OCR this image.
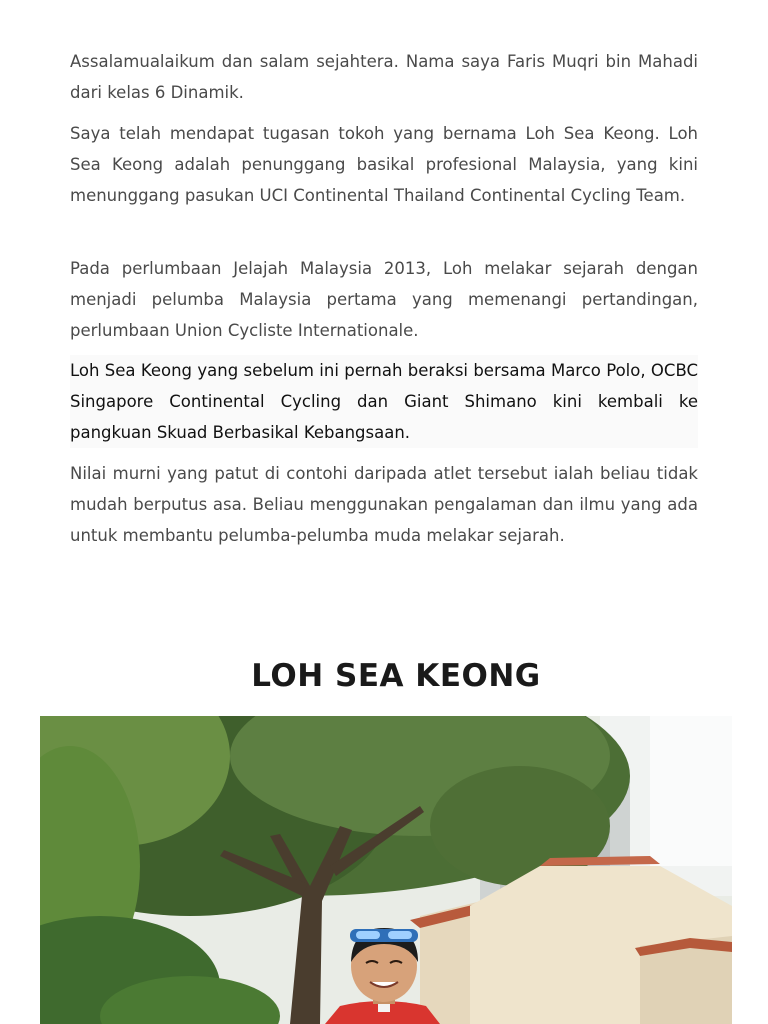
Assalamualaikum dan salam sejahtera. Nama saya Faris Muqri bin Mahadi dari kelas 6 Dinamik.

Saya telah mendapat tugasan tokoh yang bernama Loh Sea Keong. Loh Sea Keong adalah penunggang basikal profesional Malaysia, yang kini menunggang pasukan UCI Continental Thailand Continental Cycling Team.

Pada perlumbaan Jelajah Malaysia 2013, Loh melakar sejarah dengan menjadi pelumba Malaysia pertama yang memenangi pertandingan, perlumbaan Union Cycliste Internationale.

Loh Sea Keong yang sebelum ini pernah beraksi bersama Marco Polo, OCBC Singapore Continental Cycling dan Giant Shimano kini kembali ke pangkuan Skuad Berbasikal Kebangsaan.

Nilai murni yang patut di contohi daripada atlet tersebut ialah beliau tidak mudah berputus asa. Beliau menggunakan pengalaman dan ilmu yang ada untuk membantu pelumba-pelumba muda melakar sejarah.

LOH SEA KEONG
